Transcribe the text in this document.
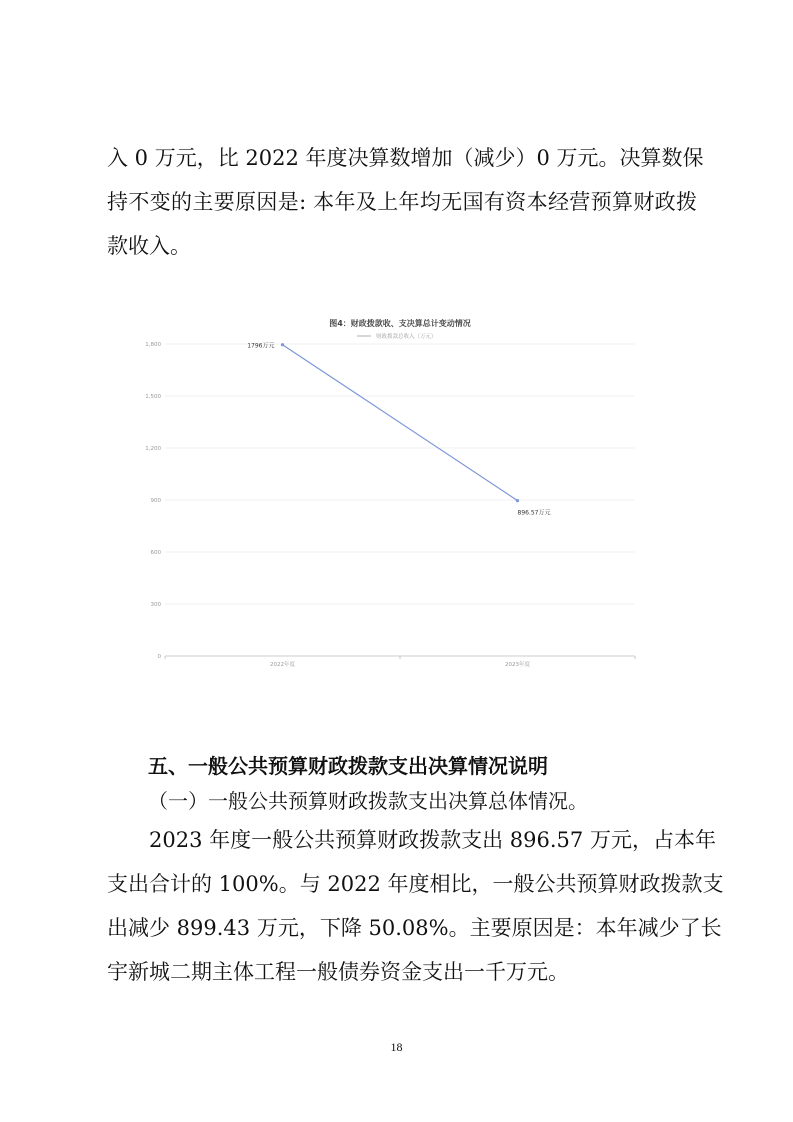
入 0 万元，比 2022 年度决算数增加（减少）0 万元。决算数保
持不变的主要原因是: 本年及上年均无国有资本经营预算财政拨
款收入。
图4：财政拨款收、支决算总计变动情况
财政拨款总收入（万元）
0
300
600
900
1,200
1,500
1,800
2022年度	2023年度
1796万元
896.57万元

五、一般公共预算财政拨款支出决算情况说明

（一）一般公共预算财政拨款支出决算总体情况。

2023 年度一般公共预算财政拨款支出 896.57 万元，占本年
支出合计的 100%。与 2022 年度相比，一般公共预算财政拨款支
出减少 899.43 万元，下降 50.08%。主要原因是：本年减少了长
宇新城二期主体工程一般债券资金支出一千万元。
18
